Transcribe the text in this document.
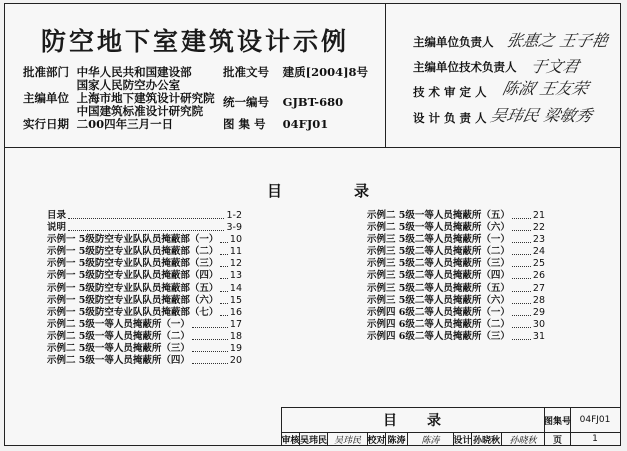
防空地下室建筑设计示例
批准部门 中华人民共和国建设部
国家人民防空办公室
主编单位 上海市地下建筑设计研究院
中国建筑标准设计研究院
实行日期 二00四年三月一日
批准文号 建质[2004]8号
统一编号 GJBT-680
图 集 号 04FJ01
主编单位负责人 张惠之 王子艳
主编单位技术负责人 于文君
技 术 审 定 人 陈淑 王友荣
设 计 负 责 人 吴玮民 梁敏秀
目	录
目录	1-2
说明	3-9
示例一 5级防空专业队队员掩蔽部（一） 10
示例一 5级防空专业队队员掩蔽部（二） 11
示例一 5级防空专业队队员掩蔽部（三） 12
示例一 5级防空专业队队员掩蔽部（四） 13
示例一 5级防空专业队队员掩蔽部（五） 14
示例一 5级防空专业队队员掩蔽部（六） 15
示例一 5级防空专业队队员掩蔽部（七） 16
示例二 5级一等人员掩蔽所（一）	17
示例二 5级一等人员掩蔽所（二）	18
示例二 5级一等人员掩蔽所（三）	19
示例二 5级一等人员掩蔽所（四）	20
示例二 5级一等人员掩蔽所（五） 21
示例二 5级一等人员掩蔽所（六） 22
示例三 5级二等人员掩蔽所（一） 23
示例三 5级二等人员掩蔽所（二） 24
示例三 5级二等人员掩蔽所（三） 25
示例三 5级二等人员掩蔽所（四） 26
示例三 5级二等人员掩蔽所（五） 27
示例三 5级二等人员掩蔽所（六） 28
示例四 6级二等人员掩蔽所（一） 29
示例四 6级二等人员掩蔽所（二） 30
示例四 6级二等人员掩蔽所（三） 31
目 录	图集号 04FJ01
审核 吴玮民 吴玮民 校对 陈涛	陈涛	设计 孙晓秋	孙晓秋	页	1
